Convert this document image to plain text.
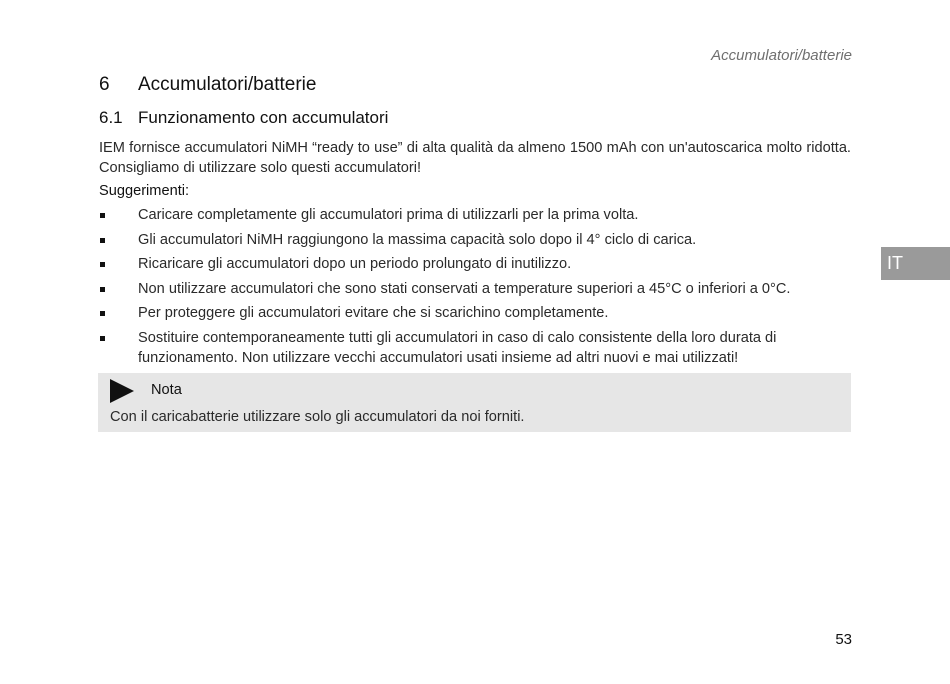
Accumulatori/batterie
6 Accumulatori/batterie
6.1 Funzionamento con accumulatori

IEM fornisce accumulatori NiMH “ready to use” di alta qualità da almeno 1500 mAh con un'autoscarica molto ridotta. Consigliamo di utilizzare solo questi accumulatori!

Suggerimenti:
Caricare completamente gli accumulatori prima di utilizzarli per la prima volta.
Gli accumulatori NiMH raggiungono la massima capacità solo dopo il 4° ciclo di carica.
Ricaricare gli accumulatori dopo un periodo prolungato di inutilizzo.
Non utilizzare accumulatori che sono stati conservati a temperature superiori a 45°C o inferiori a 0°C.
Per proteggere gli accumulatori evitare che si scarichino completamente.
Sostituire contemporaneamente tutti gli accumulatori in caso di calo consistente della loro durata di funzionamento. Non utilizzare vecchi accumulatori usati insieme ad altri nuovi e mai utilizzati!
Nota
Con il caricabatterie utilizzare solo gli accumulatori da noi forniti.
IT
53
